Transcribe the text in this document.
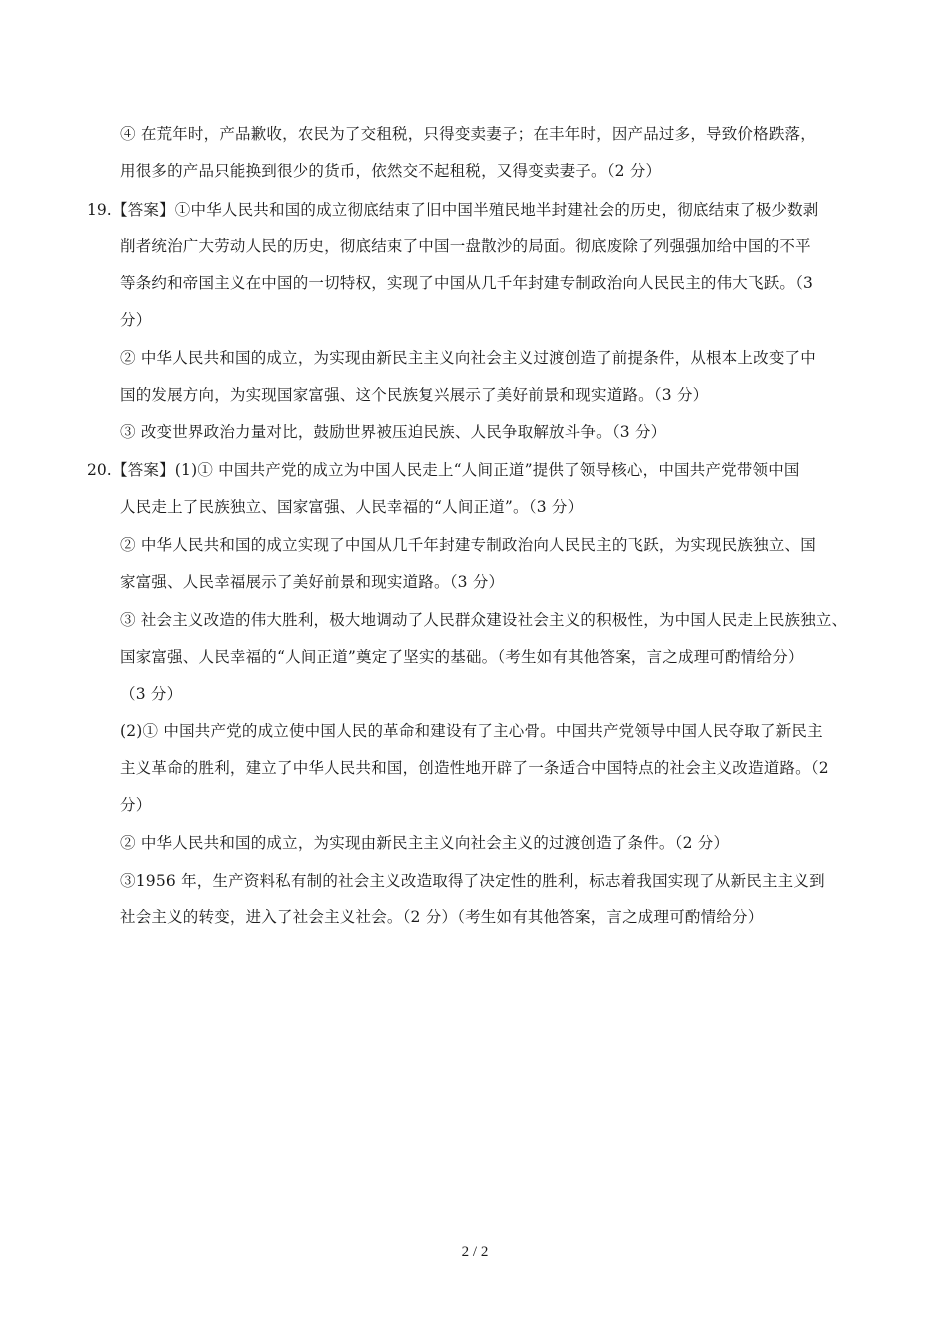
④ 在荒年时，产品歉收，农民为了交租税，只得变卖妻子；在丰年时，因产品过多，导致价格跌落，
用很多的产品只能换到很少的货币，依然交不起租税，又得变卖妻子。（2 分）
19. 【答案】①中华人民共和国的成立彻底结束了旧中国半殖民地半封建社会的历史，彻底结束了极少数剥
削者统治广大劳动人民的历史，彻底结束了中国一盘散沙的局面。彻底废除了列强强加给中国的不平
等条约和帝国主义在中国的一切特权，实现了中国从几千年封建专制政治向人民民主的伟大飞跃。（3
分）
② 中华人民共和国的成立，为实现由新民主主义向社会主义过渡创造了前提条件，从根本上改变了中
国的发展方向，为实现国家富强、这个民族复兴展示了美好前景和现实道路。（3 分）
③ 改变世界政治力量对比，鼓励世界被压迫民族、人民争取解放斗争。（3 分）
20. 【答案】(1)① 中国共产党的成立为中国人民走上“人间正道”提供了领导核心，中国共产党带领中国
人民走上了民族独立、国家富强、人民幸福的“人间正道”。（3 分）
② 中华人民共和国的成立实现了中国从几千年封建专制政治向人民民主的飞跃，为实现民族独立、国
家富强、人民幸福展示了美好前景和现实道路。（3 分）
③ 社会主义改造的伟大胜利，极大地调动了人民群众建设社会主义的积极性，为中国人民走上民族独立、
国家富强、人民幸福的“人间正道”奠定了坚实的基础。（考生如有其他答案，言之成理可酌情给分）
（3 分）
(2)① 中国共产党的成立使中国人民的革命和建设有了主心骨。中国共产党领导中国人民夺取了新民主
主义革命的胜利，建立了中华人民共和国，创造性地开辟了一条适合中国特点的社会主义改造道路。（2
分）
② 中华人民共和国的成立，为实现由新民主主义向社会主义的过渡创造了条件。（2 分）
③1956 年，生产资料私有制的社会主义改造取得了决定性的胜利，标志着我国实现了从新民主主义到
社会主义的转变，进入了社会主义社会。（2 分）（考生如有其他答案，言之成理可酌情给分）
2 / 2
